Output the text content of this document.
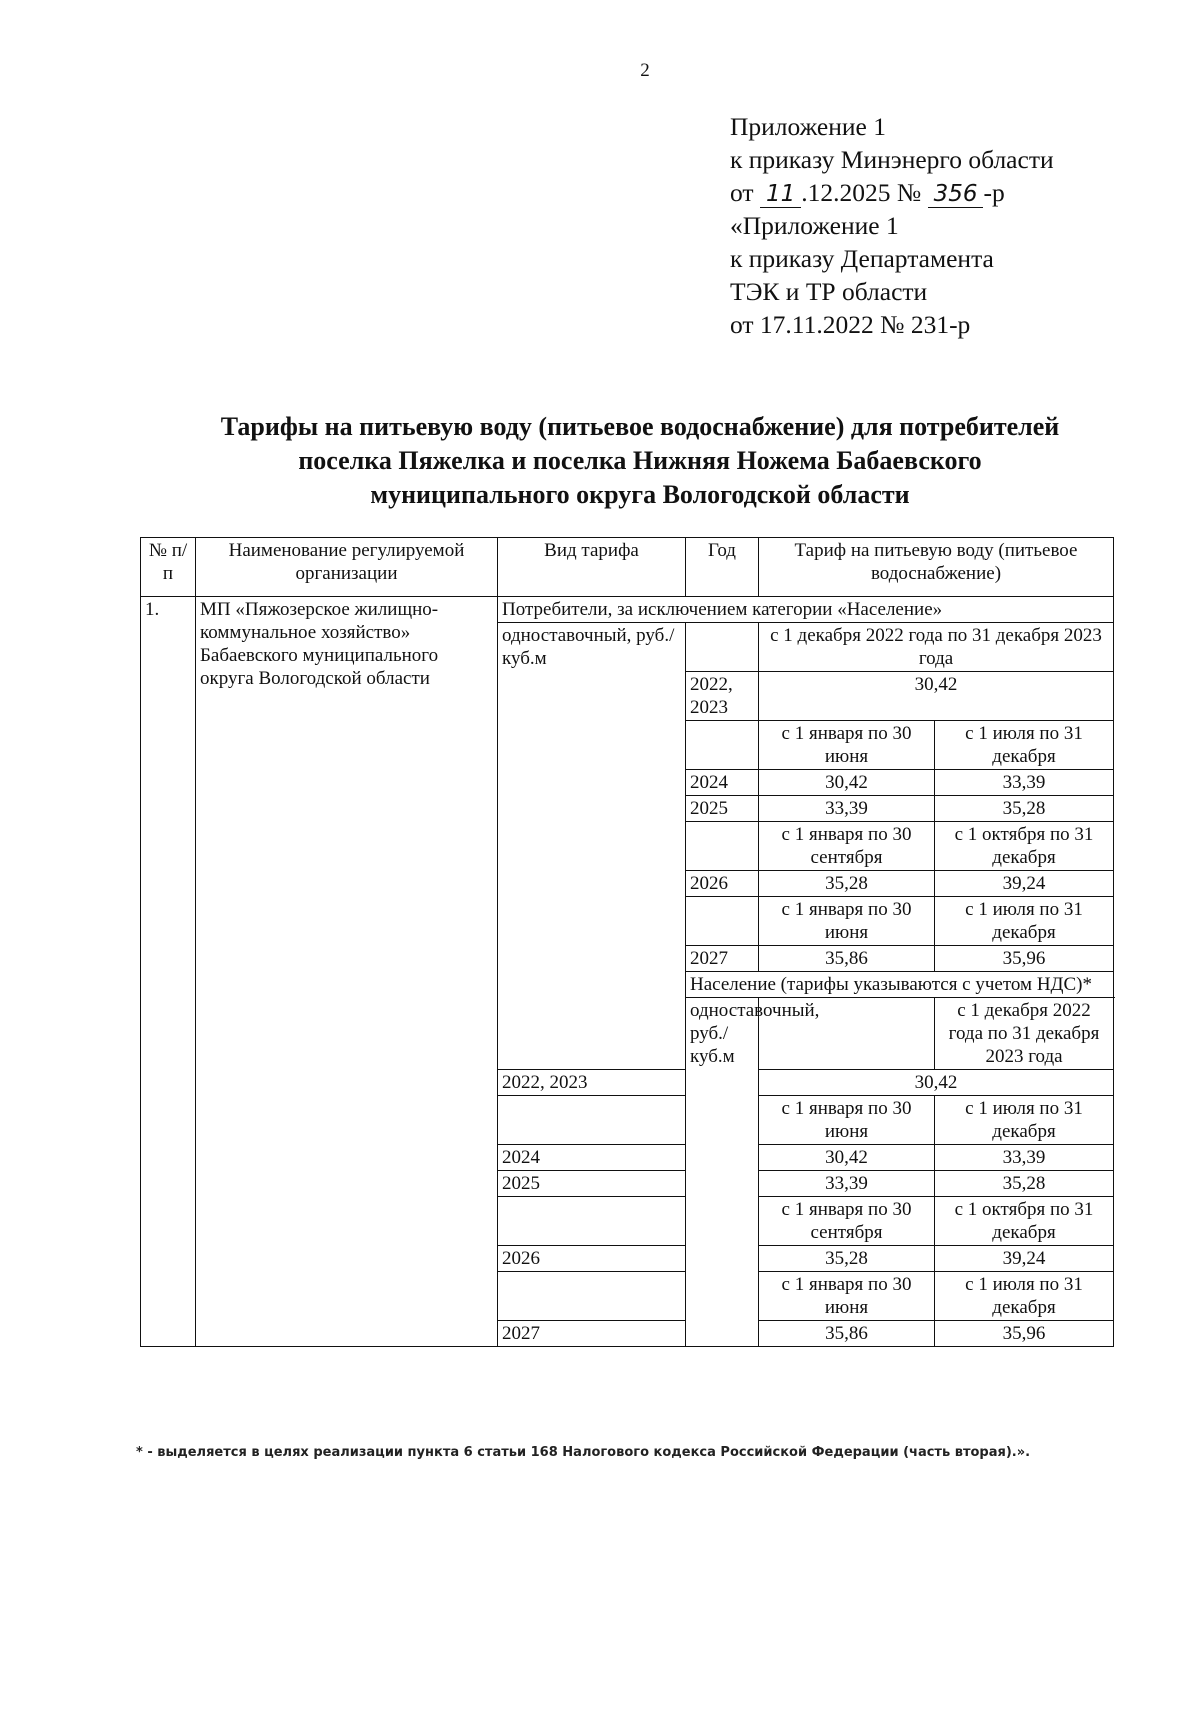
2
Приложение 1
к приказу Минэнерго области
от 11 .12.2025 № 356 -р
«Приложение 1
к приказу Департамента
ТЭК и ТР области
от 17.11.2022 № 231-р
Тарифы на питьевую воду (питьевое водоснабжение) для потребителей
поселка Пяжелка и поселка Нижняя Ножема Бабаевского
муниципального округа Вологодской области
№ п/п	Наименование регулируемой организации	Вид тарифа	Год	Тариф на питьевую воду (питьевое водоснабжение)	
1.	МП «Пяжозерское жилищно-коммунальное хозяйство» Бабаевского муниципального округа Вологодской области	Потребители, за исключением категории «Население»			
		одноставочный, руб./куб.м		с 1 декабря 2022 года по 31 декабря 2023 года	
			2022, 2023	30,42	
				с 1 января по 30 июня	с 1 июля по 31 декабря
			2024	30,42	33,39
			2025	33,39	35,28
				с 1 января по 30 сентября	с 1 октября по 31 декабря
			2026	35,28	39,24
				с 1 января по 30 июня	с 1 июля по 31 декабря
			2027	35,86	35,96
			Население (тарифы указываются с учетом НДС)*		
			одноставочный, руб./куб.м		с 1 декабря 2022 года по 31 декабря 2023 года
		2022, 2023		30,42	
				с 1 января по 30 июня	с 1 июля по 31 декабря
		2024		30,42	33,39
		2025		33,39	35,28
				с 1 января по 30 сентября	с 1 октября по 31 декабря
		2026		35,28	39,24
				с 1 января по 30 июня	с 1 июля по 31 декабря
		2027		35,86	35,96
* - выделяется в целях реализации пункта 6 статьи 168 Налогового кодекса Российской Федерации (часть вторая).».
